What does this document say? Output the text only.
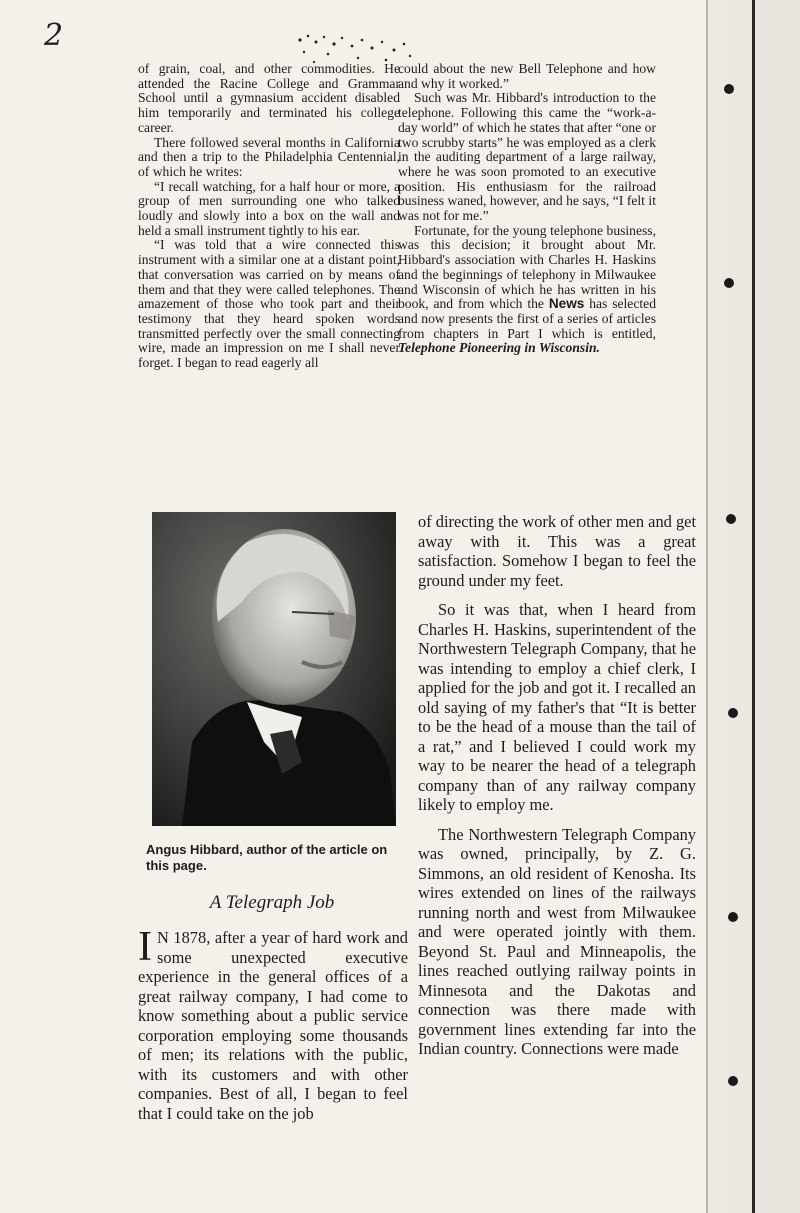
2

of grain, coal, and other commodities. He attended the Racine College and Grammar School until a gymnasium accident disabled him temporarily and terminated his college career.

There followed several months in California and then a trip to the Philadelphia Centennial, of which he writes:

“I recall watching, for a half hour or more, a group of men surrounding one who talked loudly and slowly into a box on the wall and held a small instrument tightly to his ear.

“I was told that a wire connected this instrument with a similar one at a distant point, that conversation was carried on by means of them and that they were called telephones. The amazement of those who took part and their testimony that they heard spoken words transmitted perfectly over the small connecting wire, made an impression on me I shall never forget. I began to read eagerly all

could about the new Bell Telephone and how and why it worked.”

Such was Mr. Hibbard's introduction to the telephone. Following this came the “work-a-day world” of which he states that after “one or two scrubby starts” he was employed as a clerk in the auditing department of a large railway, where he was soon promoted to an executive position. His enthusiasm for the railroad business waned, however, and he says, “I felt it was not for me.”

Fortunate, for the young telephone business, was this decision; it brought about Mr. Hibbard's association with Charles H. Haskins and the beginnings of telephony in Milwaukee and Wisconsin of which he has written in his book, and from which the News has selected and now presents the first of a series of articles from chapters in Part I which is entitled, Telephone Pioneering in Wisconsin.

Angus Hibbard, author of the article on this page.
A Telegraph Job

I N 1878, after a year of hard work and some unexpected executive experience in the general offices of a great railway company, I had come to know something about a public service corporation employing some thousands of men; its relations with the public, with its customers and with other companies. Best of all, I began to feel that I could take on the job

of directing the work of other men and get away with it. This was a great satisfaction. Somehow I began to feel the ground under my feet.

So it was that, when I heard from Charles H. Haskins, superintendent of the Northwestern Telegraph Company, that he was intending to employ a chief clerk, I applied for the job and got it. I recalled an old saying of my father's that “It is better to be the head of a mouse than the tail of a rat,” and I believed I could work my way to be nearer the head of a telegraph company than of any railway company likely to employ me.

The Northwestern Telegraph Company was owned, principally, by Z. G. Simmons, an old resident of Kenosha. Its wires extended on lines of the railways running north and west from Milwaukee and were operated jointly with them. Beyond St. Paul and Minneapolis, the lines reached outlying railway points in Minnesota and the Dakotas and connection was there made with government lines extending far into the Indian country. Connections were made
